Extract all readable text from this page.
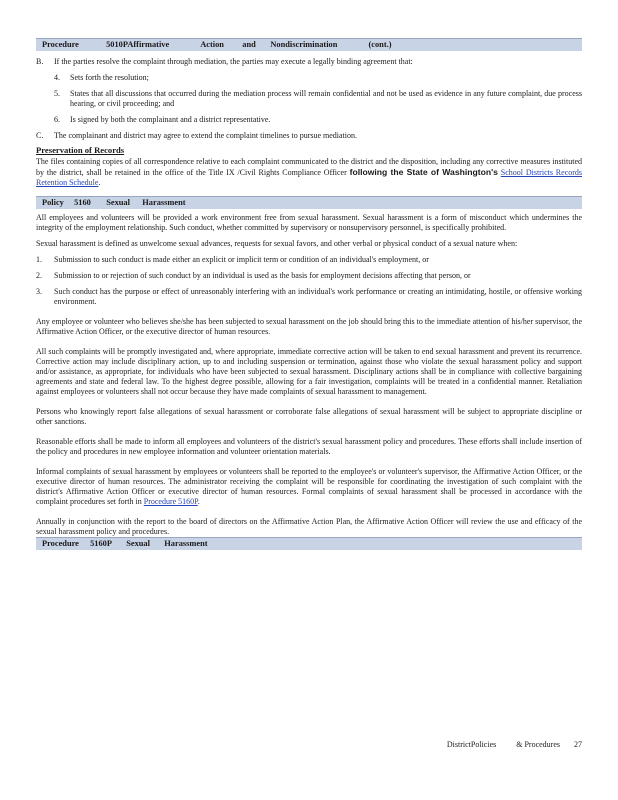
Procedure	5010PAffirmative	Action and Nondiscrimination	(cont.)
B.	If the parties resolve the complaint through mediation, the parties may execute a legally binding agreement that:

4.	Sets forth the resolution;

5.	States that all discussions that occurred during the mediation process will remain confidential and not be used as evidence in any future complaint, due process hearing, or civil proceeding; and

6.	Is signed by both the complainant and a district representative.

C.	The complainant and district may agree to extend the complaint timelines to pursue mediation.

Preservation of Records

The files containing copies of all correspondence relative to each complaint communicated to the district and the disposition, including any corrective measures instituted by the district, shall be retained in the office of the Title IX /Civil Rights Compliance Officer following the State of Washington's School Districts Records Retention Schedule.

Policy 5160 Sexual Harassment

All employees and volunteers will be provided a work environment free from sexual harassment. Sexual harassment is a form of misconduct which undermines the integrity of the employment relationship. Such conduct, whether committed by supervisory or nonsupervisory personnel, is specifically prohibited.

Sexual harassment is defined as unwelcome sexual advances, requests for sexual favors, and other verbal or physical conduct of a sexual nature when:

1.	Submission to such conduct is made either an explicit or implicit term or condition of an individual's employment, or

2.	Submission to or rejection of such conduct by an individual is used as the basis for employment decisions affecting that person, or

3.	Such conduct has the purpose or effect of unreasonably interfering with an individual's work performance or creating an intimidating, hostile, or offensive working environment.

Any employee or volunteer who believes she/she has been subjected to sexual harassment on the job should bring this to the immediate attention of his/her supervisor, the Affirmative Action Officer, or the executive director of human resources.

All such complaints will be promptly investigated and, where appropriate, immediate corrective action will be taken to end sexual harassment and prevent its recurrence. Corrective action may include disciplinary action, up to and including suspension or termination, against those who violate the sexual harassment policy and support and/or assistance, as appropriate, for individuals who have been subjected to sexual harassment. Disciplinary actions shall be in compliance with collective bargaining agreements and state and federal law. To the highest degree possible, allowing for a fair investigation, complaints will be treated in a confidential manner. Retaliation against employees or volunteers shall not occur because they have made complaints of sexual harassment to management.

Persons who knowingly report false allegations of sexual harassment or corroborate false allegations of sexual harassment will be subject to appropriate discipline or other sanctions.

Reasonable efforts shall be made to inform all employees and volunteers of the district's sexual harassment policy and procedures. These efforts shall include insertion of the policy and procedures in new employee information and volunteer orientation materials.

Informal complaints of sexual harassment by employees or volunteers shall be reported to the employee's or volunteer's supervisor, the Affirmative Action Officer, or the executive director of human resources. The administrator receiving the complaint will be responsible for coordinating the investigation of such complaint with the district's Affirmative Action Officer or executive director of human resources. Formal complaints of sexual harassment shall be processed in accordance with the complaint procedures set forth in Procedure 5160P.

Annually in conjunction with the report to the board of directors on the Affirmative Action Plan, the Affirmative Action Officer will review the use and efficacy of the sexual harassment policy and procedures.

Procedure 5160P Sexual Harassment
DistrictPolicies	& Procedures 27
